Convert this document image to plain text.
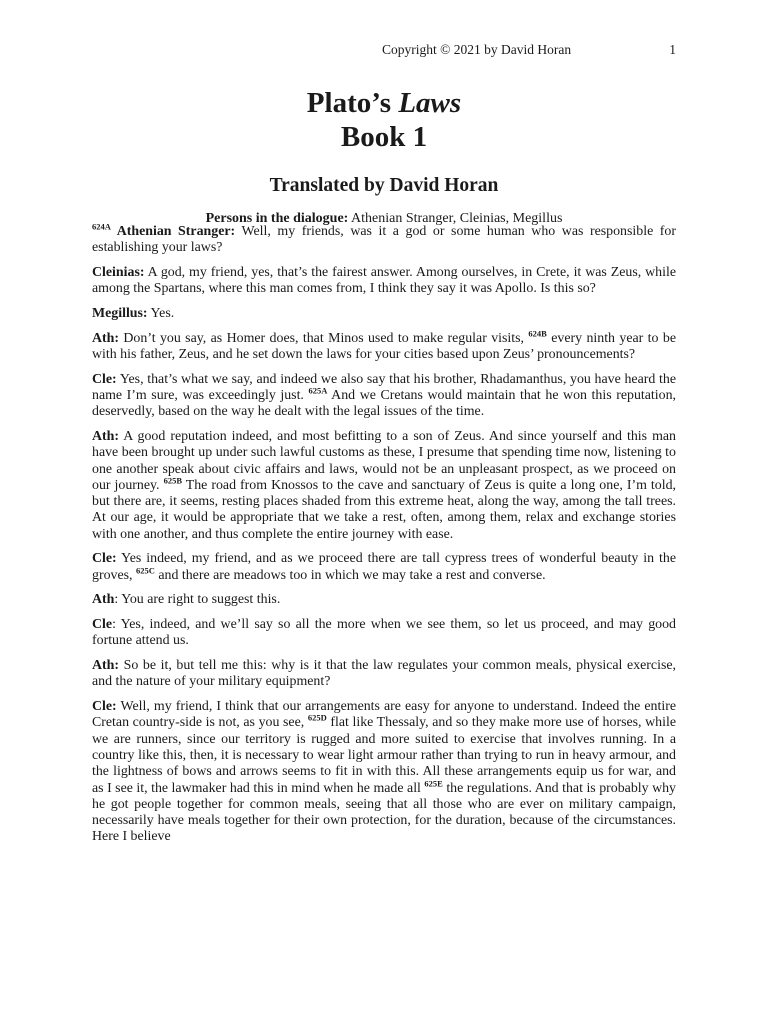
Copyright © 2021 by David Horan	1
Plato’s Laws
Book 1
Translated by David Horan
Persons in the dialogue: Athenian Stranger, Cleinias, Megillus

$^{624A}$ Athenian Stranger: Well, my friends, was it a god or some human who was responsible for establishing your laws?

Cleinias: A god, my friend, yes, that’s the fairest answer. Among ourselves, in Crete, it was Zeus, while among the Spartans, where this man comes from, I think they say it was Apollo. Is this so?

Megillus: Yes.

Ath: Don’t you say, as Homer does, that Minos used to make regular visits, $^{624B}$ every ninth year to be with his father, Zeus, and he set down the laws for your cities based upon Zeus’ pronouncements?

Cle: Yes, that’s what we say, and indeed we also say that his brother, Rhadamanthus, you have heard the name I’m sure, was exceedingly just. $^{625A}$ And we Cretans would maintain that he won this reputation, deservedly, based on the way he dealt with the legal issues of the time.

Ath: A good reputation indeed, and most befitting to a son of Zeus. And since yourself and this man have been brought up under such lawful customs as these, I presume that spending time now, listening to one another speak about civic affairs and laws, would not be an unpleasant prospect, as we proceed on our journey. $^{625B}$ The road from Knossos to the cave and sanctuary of Zeus is quite a long one, I’m told, but there are, it seems, resting places shaded from this extreme heat, along the way, among the tall trees. At our age, it would be appropriate that we take a rest, often, among them, relax and exchange stories with one another, and thus complete the entire journey with ease.

Cle: Yes indeed, my friend, and as we proceed there are tall cypress trees of wonderful beauty in the groves, $^{625C}$ and there are meadows too in which we may take a rest and converse.

Ath: You are right to suggest this.

Cle: Yes, indeed, and we’ll say so all the more when we see them, so let us proceed, and may good fortune attend us.

Ath: So be it, but tell me this: why is it that the law regulates your common meals, physical exercise, and the nature of your military equipment?

Cle: Well, my friend, I think that our arrangements are easy for anyone to understand. Indeed the entire Cretan country-side is not, as you see, $^{625D}$ flat like Thessaly, and so they make more use of horses, while we are runners, since our territory is rugged and more suited to exercise that involves running. In a country like this, then, it is necessary to wear light armour rather than trying to run in heavy armour, and the lightness of bows and arrows seems to fit in with this. All these arrangements equip us for war, and as I see it, the lawmaker had this in mind when he made all $^{625E}$ the regulations. And that is probably why he got people together for common meals, seeing that all those who are ever on military campaign, necessarily have meals together for their own protection, for the duration, because of the circumstances. Here I believe
